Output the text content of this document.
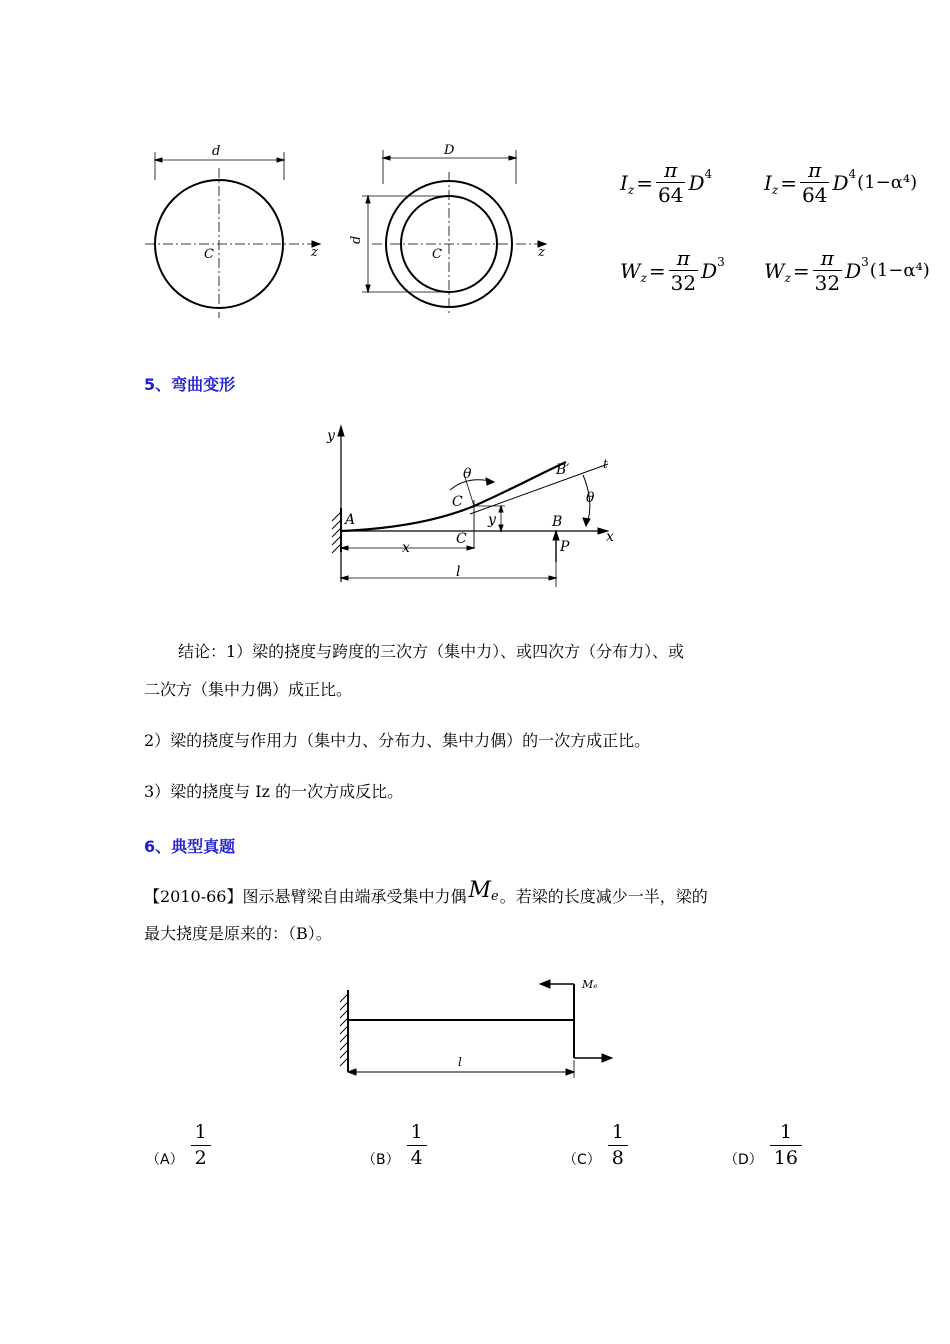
d
C	z
D
d
C	z
I $z = \frac{\pi}{64}$ D 4	I $z = \frac{\pi}{64}$ D 4 (1−α⁴)
W $z = \frac{\pi}{32}$ D 3 W $z = \frac{\pi}{32}$ D 3 (1−α⁴)
5、弯曲变形
y
x
A	B
B′
C
C
t
θ
θ
y
x
l
P
结论：1）梁的挠度与跨度的三次方（集中力）、或四次方（分布力）、或
二次方（集中力偶）成正比。
2）梁的挠度与作用力（集中力、分布力、集中力偶）的一次方成正比。
3）梁的挠度与 Iz 的一次方成反比。
6、典型真题
【2010-66】图示悬臂梁自由端承受集中力偶 M e 。若梁的长度减少一半，梁的
最大挠度是原来的：（B）。
Mₑ
l
$(A) \frac{1}{2}$	$(B) \frac{1}{4}$	$(C) \frac{1}{8}$	$(D) \frac{1}{16}$
